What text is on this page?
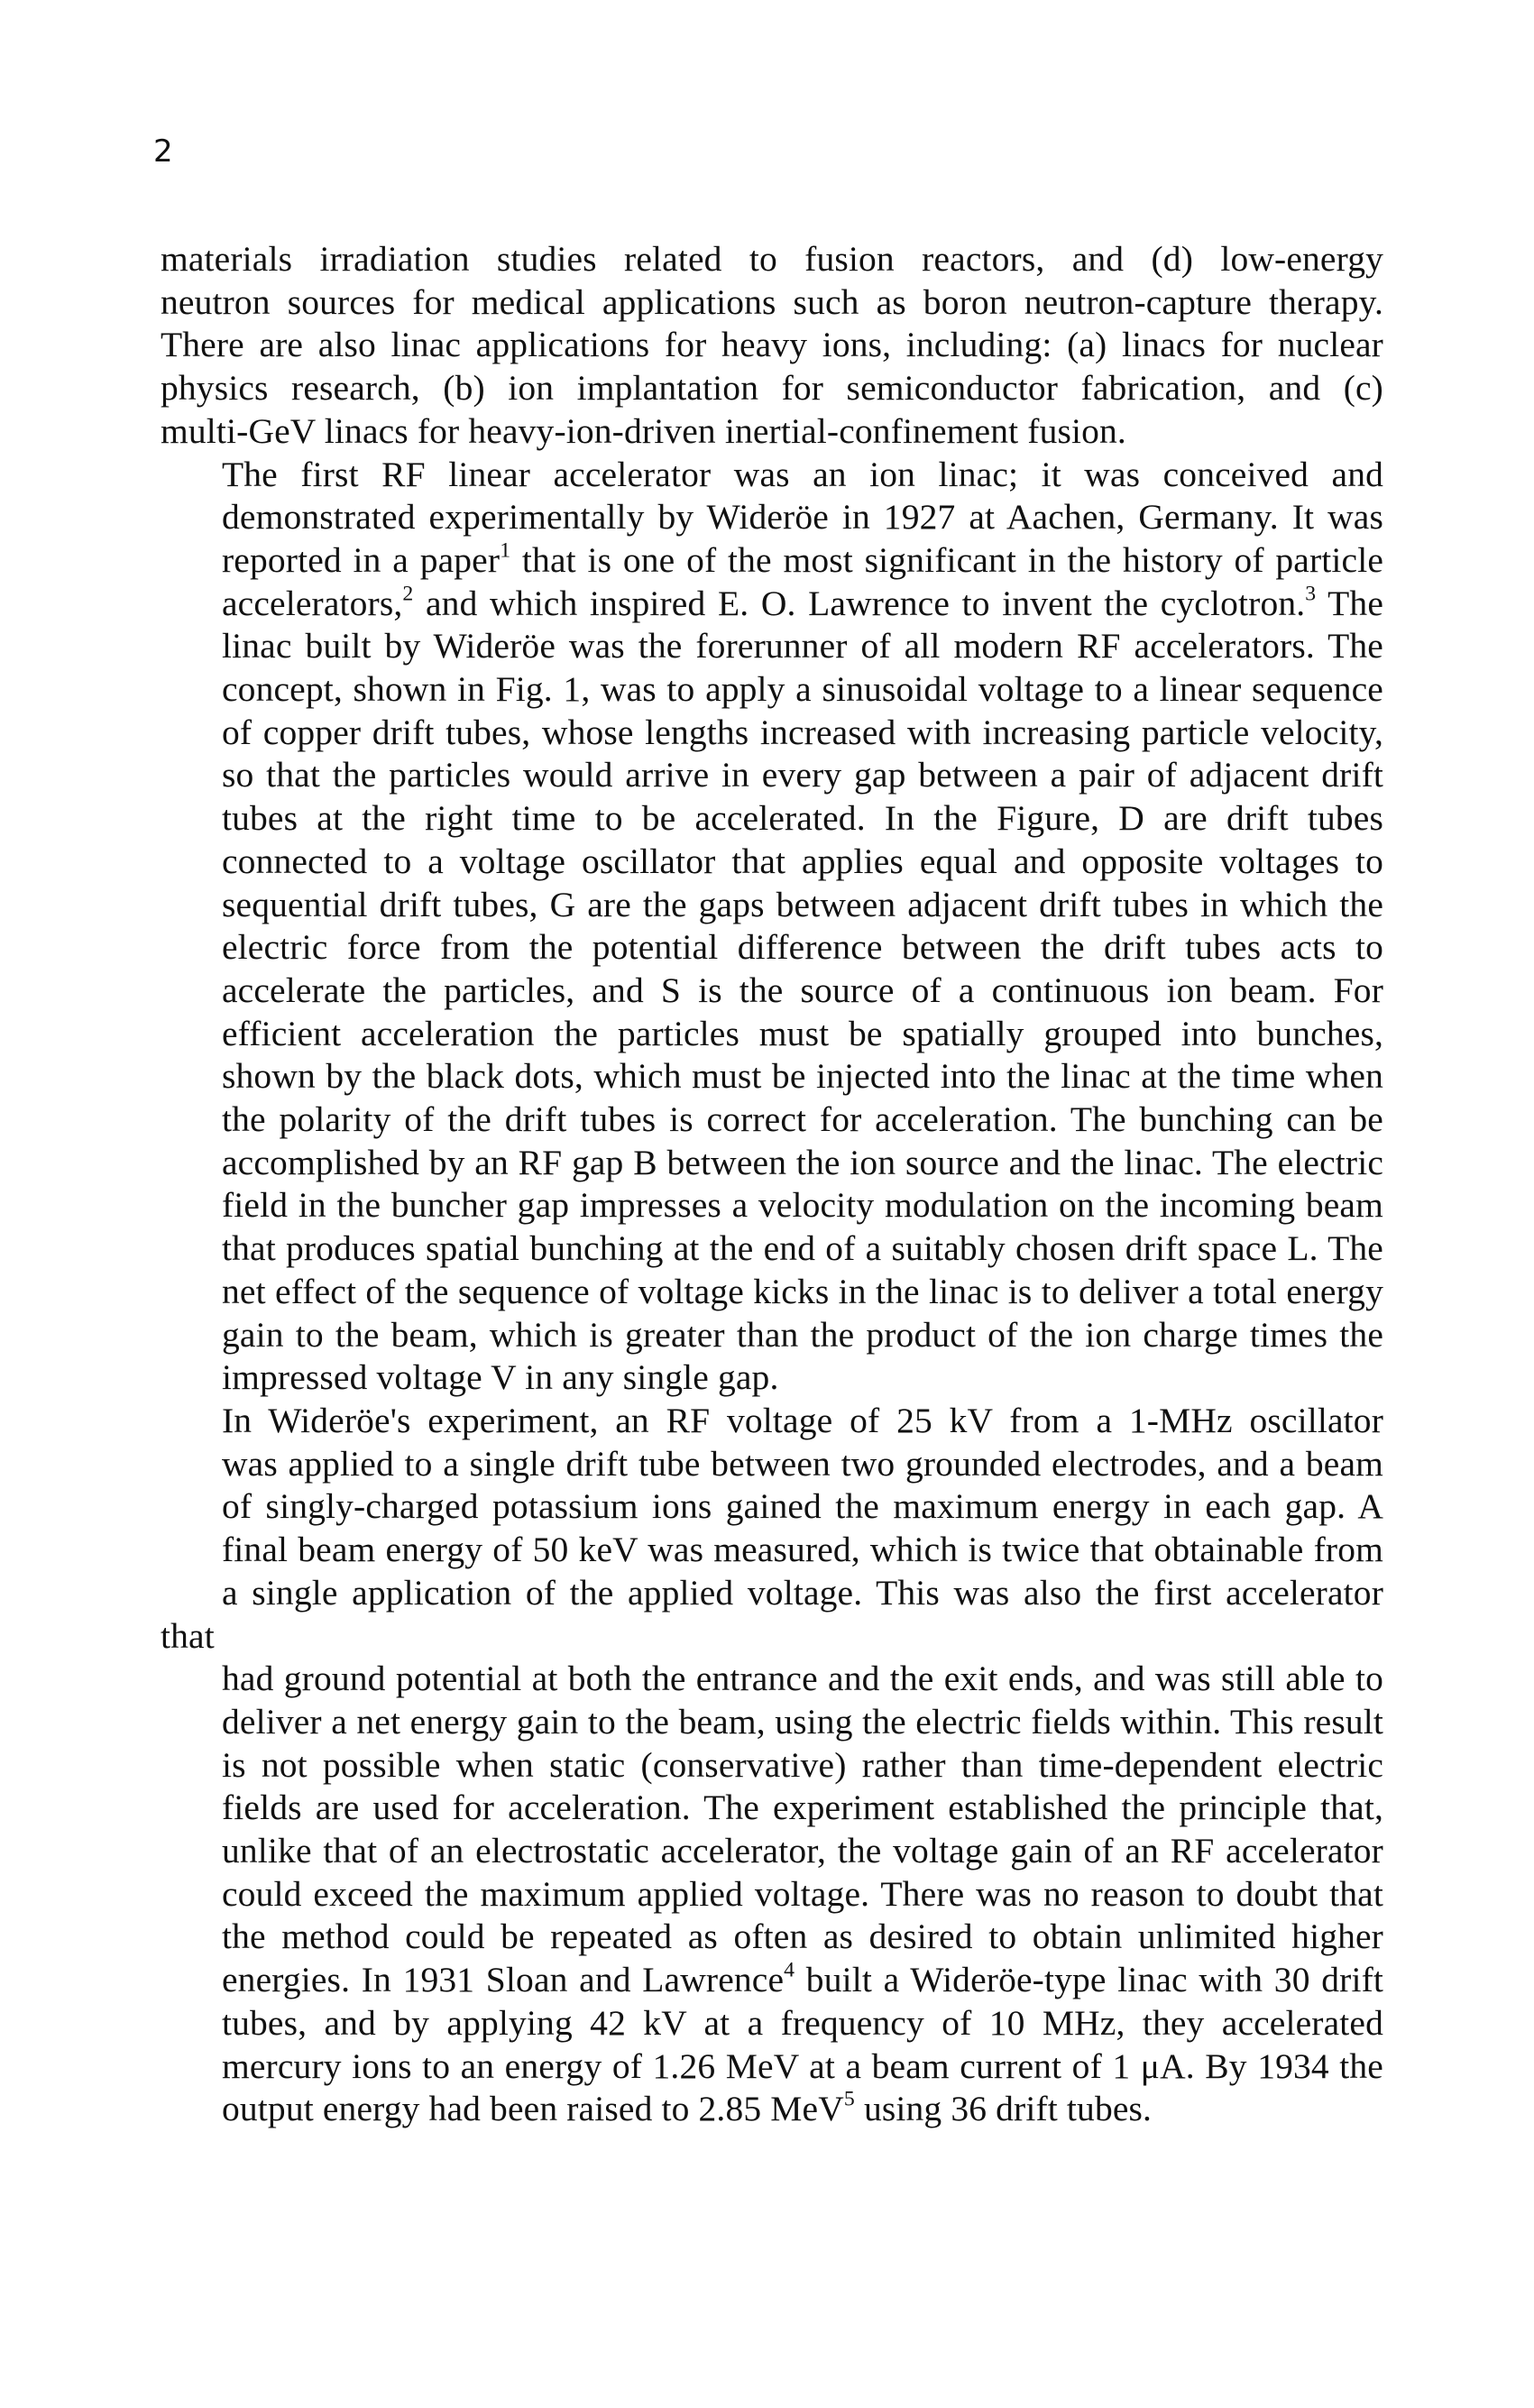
2

materials irradiation studies related to fusion reactors, and (d) low-energy
neutron sources for medical applications such as boron neutron-capture therapy.
There are also linac applications for heavy ions, including: (a) linacs for nuclear
physics research, (b) ion implantation for semiconductor fabrication, and (c)
multi-GeV linacs for heavy-ion-driven inertial-confinement fusion.

The first RF linear accelerator was an ion linac; it was conceived and
demonstrated experimentally by Wideröe in 1927 at Aachen, Germany. It was
reported in a paper$^1$ that is one of the most significant in the history of particle
accelerators,$^2$ and which inspired E. O. Lawrence to invent the cyclotron.$^3$ The
linac built by Wideröe was the forerunner of all modern RF accelerators. The
concept, shown in Fig. 1, was to apply a sinusoidal voltage to a linear sequence
of copper drift tubes, whose lengths increased with increasing particle velocity,
so that the particles would arrive in every gap between a pair of adjacent drift
tubes at the right time to be accelerated. In the Figure, D are drift tubes
connected to a voltage oscillator that applies equal and opposite voltages to
sequential drift tubes, G are the gaps between adjacent drift tubes in which the
electric force from the potential difference between the drift tubes acts to
accelerate the particles, and S is the source of a continuous ion beam. For
efficient acceleration the particles must be spatially grouped into bunches,
shown by the black dots, which must be injected into the linac at the time when
the polarity of the drift tubes is correct for acceleration. The bunching can be
accomplished by an RF gap B between the ion source and the linac. The electric
field in the buncher gap impresses a velocity modulation on the incoming beam
that produces spatial bunching at the end of a suitably chosen drift space L. The
net effect of the sequence of voltage kicks in the linac is to deliver a total energy
gain to the beam, which is greater than the product of the ion charge times the
impressed voltage V in any single gap.

In Wideröe's experiment, an RF voltage of 25 kV from a 1-MHz oscillator
was applied to a single drift tube between two grounded electrodes, and a beam
of singly-charged potassium ions gained the maximum energy in each gap. A
final beam energy of 50 keV was measured, which is twice that obtainable from
a single application of the applied voltage. This was also the first accelerator that
had ground potential at both the entrance and the exit ends, and was still able to
deliver a net energy gain to the beam, using the electric fields within. This result
is not possible when static (conservative) rather than time-dependent electric
fields are used for acceleration. The experiment established the principle that,
unlike that of an electrostatic accelerator, the voltage gain of an RF accelerator
could exceed the maximum applied voltage. There was no reason to doubt that
the method could be repeated as often as desired to obtain unlimited higher
energies. In 1931 Sloan and Lawrence$^4$ built a Wideröe-type linac with 30 drift
tubes, and by applying 42 kV at a frequency of 10 MHz, they accelerated
mercury ions to an energy of 1.26 MeV at a beam current of 1 μA. By 1934 the
output energy had been raised to 2.85 MeV$^5$ using 36 drift tubes.
